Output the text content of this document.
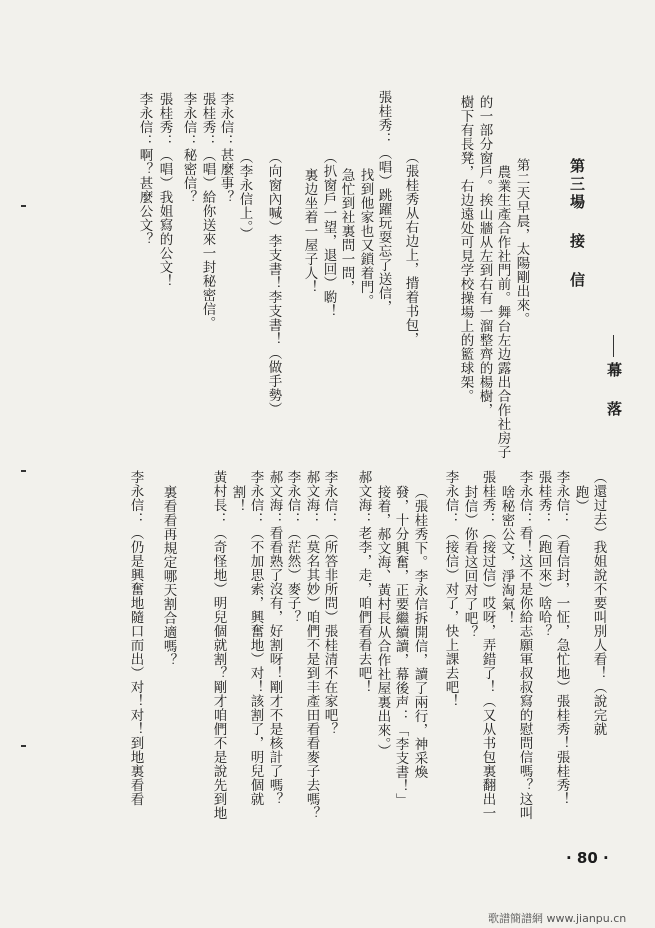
幕 落
（還过去）我姐說不要叫別人看！（說完就
跑）
李永信：（看信封，一怔，急忙地）張桂秀！張桂秀！
張桂秀：（跑回來）啥哈？
李永信：看！这不是你給志願軍叔叔寫的慰問信嗎？这叫
啥秘密公文，淨淘氣！
張桂秀：（接过信）哎呀，弄錯了！（又从书包裏翻出一
封信）你看这回对了吧？
李永信：（接信）对了，快上課去吧！
（張桂秀下。李永信拆開信，讀了兩行，神采煥
發，十分興奮，正要繼續讀，幕後声：「李支書！」
接着，郝文海、黃村長从合作社屋裏出來。）
郝文海：老李，走，咱們看看去吧！
李永信：（所答非所問）張桂清不在家吧？
郝文海：（莫名其妙）咱們不是到丰產田看看麥子去嗎？
李永信：（茫然）麥子？
郝文海：看看熟了沒有，好割呀！剛才不是核計了嗎？
李永信：（不加思索，興奮地）对！該割了，明兒個就
割！
黃村長：（奇怪地）明兒個就割？剛才咱們不是說先到地
裏看看再規定哪天割合適嗎？
李永信：（仍是興奮地隨口而出）对！对！到地裏看看
第三場 接 信
第二天早晨，太陽剛出來。
農業生產合作社門前。舞台左边露出合作社房子
的一部分窗戶。挨山牆从左到右有一溜整齊的楊樹，
樹下有長凳，右边遠处可見学校操場上的籃球架。
（張桂秀从右边上，揹着书包，
張桂秀：（唱）跳躍玩耍忘了送信，
找到他家也又鎖着門。
急忙到社裏問一問，
（扒窗戶一望，退回）喲！
裏边坐着一屋子人！
（向窗內喊）李支書！李支書！（做手勢）
（李永信上。）
李永信：甚麼事？
張桂秀：（唱）給你送來一封秘密信。
李永信：秘密信？
張桂秀：（唱）我姐寫的公文！
李永信：啊？甚麼公文？
· 80 ·
歌譜簡譜網 www.jianpu.cn
